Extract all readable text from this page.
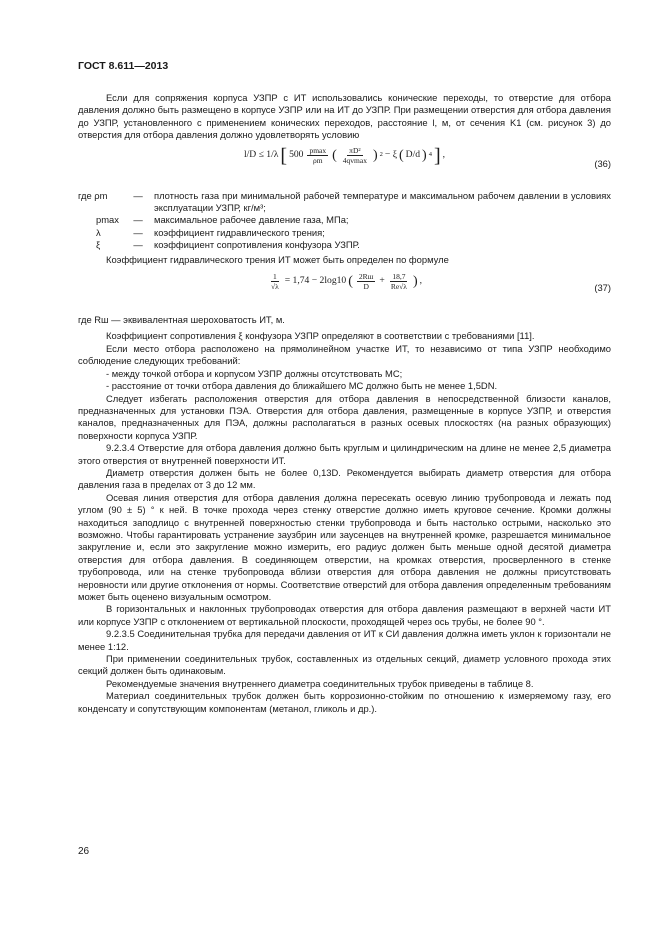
ГОСТ 8.611—2013

Если для сопряжения корпуса УЗПР с ИТ использовались конические переходы, то отверстие для отбора давления должно быть размещено в корпусе УЗПР или на ИТ до УЗПР. При размещении отверстия для отбора давления до УЗПР, установленного с применением конических переходов, расстояние l, м, от сечения K1 (см. рисунок 3) до отверстия для отбора давления должно удовлетворять условию

l/D ≤ 1/λ [ $500 \frac{pmax}{\rho m}$ ( $\frac{\text{πD²}}{4qvmax}$ ) 2 − ξ ( D/d ) 4 ] ,
(36)
где ρm	—	плотность газа при минимальной рабочей температуре и максимальном рабочем давлении в условиях эксплуатации УЗПР, кг/м³;
pmax	—	максимальное рабочее давление газа, МПа;
λ	—	коэффициент гидравлического трения;
ξ	—	коэффициент сопротивления конфузора УЗПР.

Коэффициент гидравлического трения ИТ может быть определен по формуле

$\frac{1}{√\lambda} = 1,74 - 2\log 10$ ( $\frac{2Rш}{D} + \frac{18,7}{Re√\lambda}$ ) ,
(37)

где Rш — эквивалентная шероховатость ИТ, м.

Коэффициент сопротивления ξ конфузора УЗПР определяют в соответствии с требованиями [11].

Если место отбора расположено на прямолинейном участке ИТ, то независимо от типа УЗПР необходимо соблюдение следующих требований:

- между точкой отбора и корпусом УЗПР должны отсутствовать МС;

- расстояние от точки отбора давления до ближайшего МС должно быть не менее 1,5DN.

Следует избегать расположения отверстия для отбора давления в непосредственной близости каналов, предназначенных для установки ПЭА. Отверстия для отбора давления, размещенные в корпусе УЗПР, и отверстия каналов, предназначенных для ПЭА, должны располагаться в разных осевых плоскостях (на разных образующих) поверхности корпуса УЗПР.

9.2.3.4 Отверстие для отбора давления должно быть круглым и цилиндрическим на длине не менее 2,5 диаметра этого отверстия от внутренней поверхности ИТ.

Диаметр отверстия должен быть не более 0,13D. Рекомендуется выбирать диаметр отверстия для отбора давления газа в пределах от 3 до 12 мм.

Осевая линия отверстия для отбора давления должна пересекать осевую линию трубопровода и лежать под углом (90 ± 5) ° к ней. В точке прохода через стенку отверстие должно иметь круговое сечение. Кромки должны находиться заподлицо с внутренней поверхностью стенки трубопровода и быть настолько острыми, насколько это возможно. Чтобы гарантировать устранение заузбрин или заусенцев на внутренней кромке, разрешается минимальное закругление и, если это закругление можно измерить, его радиус должен быть меньше одной десятой диаметра отверстия для отбора давления. В соединяющем отверстии, на кромках отверстия, просверленного в стенке трубопровода, или на стенке трубопровода вблизи отверстия для отбора давления не должны присутствовать неровности или другие отклонения от нормы. Соответствие отверстий для отбора давления определенным требованиям может быть оценено визуальным осмотром.

В горизонтальных и наклонных трубопроводах отверстия для отбора давления размещают в верхней части ИТ или корпусе УЗПР с отклонением от вертикальной плоскости, проходящей через ось трубы, не более 90 °.

9.2.3.5 Соединительная трубка для передачи давления от ИТ к СИ давления должна иметь уклон к горизонтали не менее 1:12.

При применении соединительных трубок, составленных из отдельных секций, диаметр условного прохода этих секций должен быть одинаковым.

Рекомендуемые значения внутреннего диаметра соединительных трубок приведены в таблице 8.

Материал соединительных трубок должен быть коррозионно-стойким по отношению к измеряемому газу, его конденсату и сопутствующим компонентам (метанол, гликоль и др.).

26
